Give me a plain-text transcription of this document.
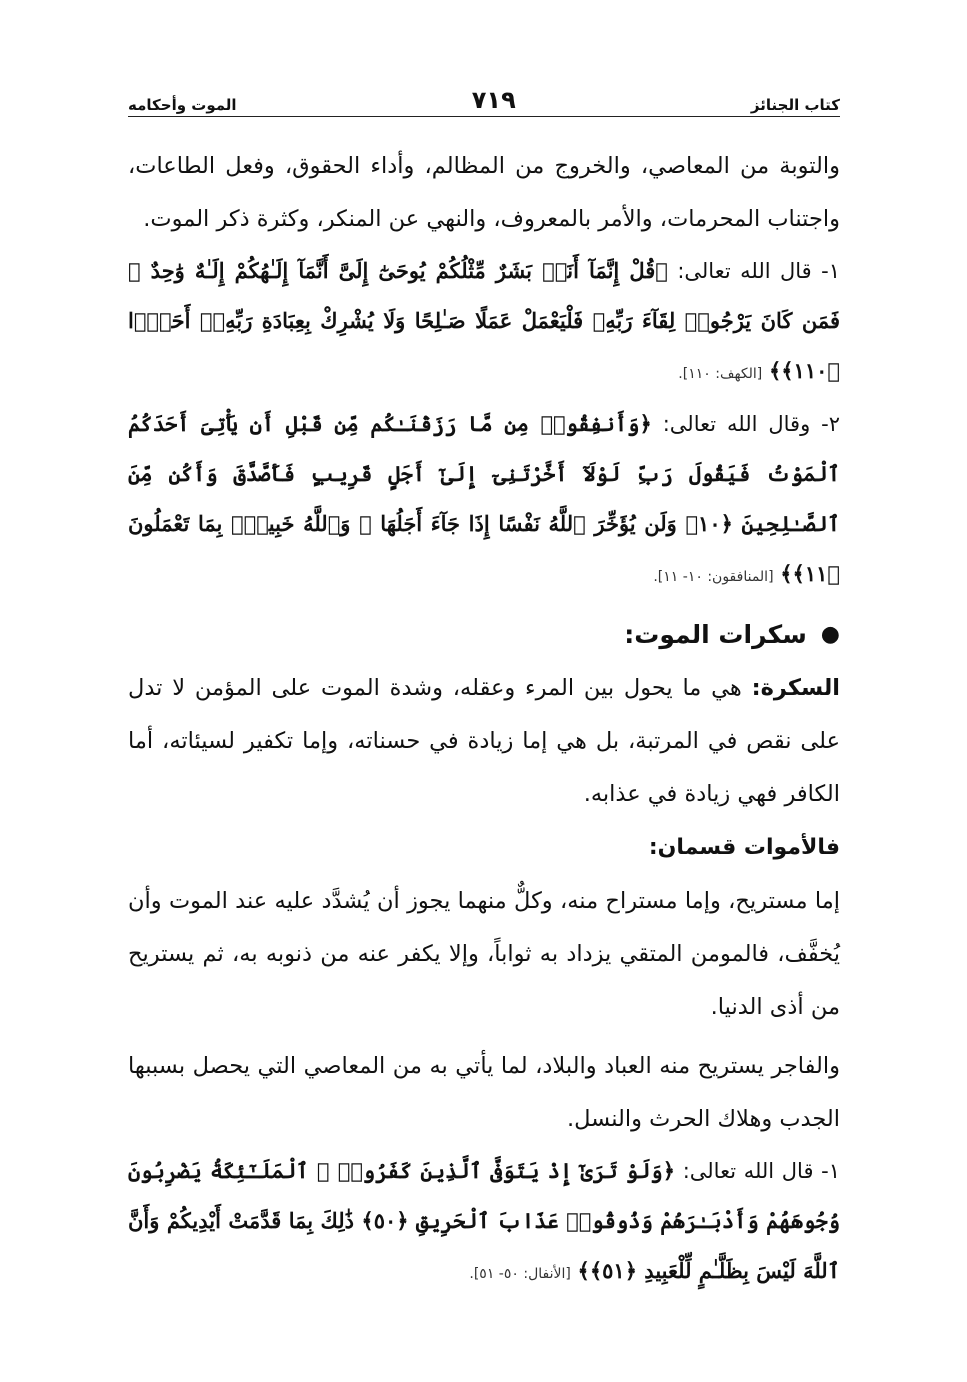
كتاب الجنائز
٧١٩
الموت وأحكامه

والتوبة من المعاصي، والخروج من المظالم، وأداء الحقوق، وفعل الطاعات، واجتناب المحرمات، والأمر بالمعروف، والنهي عن المنكر، وكثرة ذكر الموت.

١- قال الله تعالى: ﴿قُلْ إِنَّمَآ أَنَا۠ بَشَرٌ مِّثْلُكُمْ يُوحَىٰٓ إِلَىَّ أَنَّمَآ إِلَـٰهُكُمْ إِلَـٰهٌ وَٰحِدٌ ۖ فَمَن كَانَ يَرْجُوا۟ لِقَآءَ رَبِّهِۦ فَلْيَعْمَلْ عَمَلًا صَـٰلِحًا وَلَا يُشْرِكْ بِعِبَادَةِ رَبِّهِۦٓ أَحَدًۢا ﴿١١٠﴾﴾ [الكهف: ١١٠].

٢- وقال الله تعالى: ﴿وَأَنفِقُوا۟ مِن مَّا رَزَقْنَـٰكُم مِّن قَبْلِ أَن يَأْتِىَ أَحَدَكُمُ ٱلْمَوْتُ فَيَقُولَ رَبِّ لَوْلَآ أَخَّرْتَنِىٓ إِلَىٰٓ أَجَلٍ قَرِيبٍ فَأَصَّدَّقَ وَأَكُن مِّنَ ٱلصَّـٰلِحِينَ ﴿١٠﴾ وَلَن يُؤَخِّرَ ٱللَّهُ نَفْسًا إِذَا جَآءَ أَجَلُهَا ۚ وَٱللَّهُ خَبِيرٌۢ بِمَا تَعْمَلُونَ ﴿١١﴾﴾ [المنافقون: ١٠- ١١].

●
سكرات الموت:

السكرة: هي ما يحول بين المرء وعقله، وشدة الموت على المؤمن لا تدل على نقص في المرتبة، بل هي إما زيادة في حسناته، وإما تكفير لسيئاته، أما الكافر فهي زيادة في عذابه.

فالأموات قسمان:

إما مستريح، وإما مستراح منه، وكلٌّ منهما يجوز أن يُشدَّد عليه عند الموت وأن يُخفَّف، فالمومن المتقي يزداد به ثواباً، وإلا يكفر عنه من ذنوبه به، ثم يستريح من أذى الدنيا.

والفاجر يستريح منه العباد والبلاد، لما يأتي به من المعاصي التي يحصل بسببها الجدب وهلاك الحرث والنسل.

١- قال الله تعالى: ﴿وَلَوْ تَرَىٰٓ إِذْ يَتَوَفَّى ٱلَّذِينَ كَفَرُوا۟ ۙ ٱلْمَلَـٰٓئِكَةُ يَضْرِبُونَ وُجُوهَهُمْ وَأَدْبَـٰرَهُمْ وَذُوقُوا۟ عَذَابَ ٱلْحَرِيقِ ﴿٥٠﴾ ذَٰلِكَ بِمَا قَدَّمَتْ أَيْدِيكُمْ وَأَنَّ ٱللَّهَ لَيْسَ بِظَلَّـٰمٍ لِّلْعَبِيدِ ﴿٥١﴾﴾ [الأنفال: ٥٠- ٥١].
